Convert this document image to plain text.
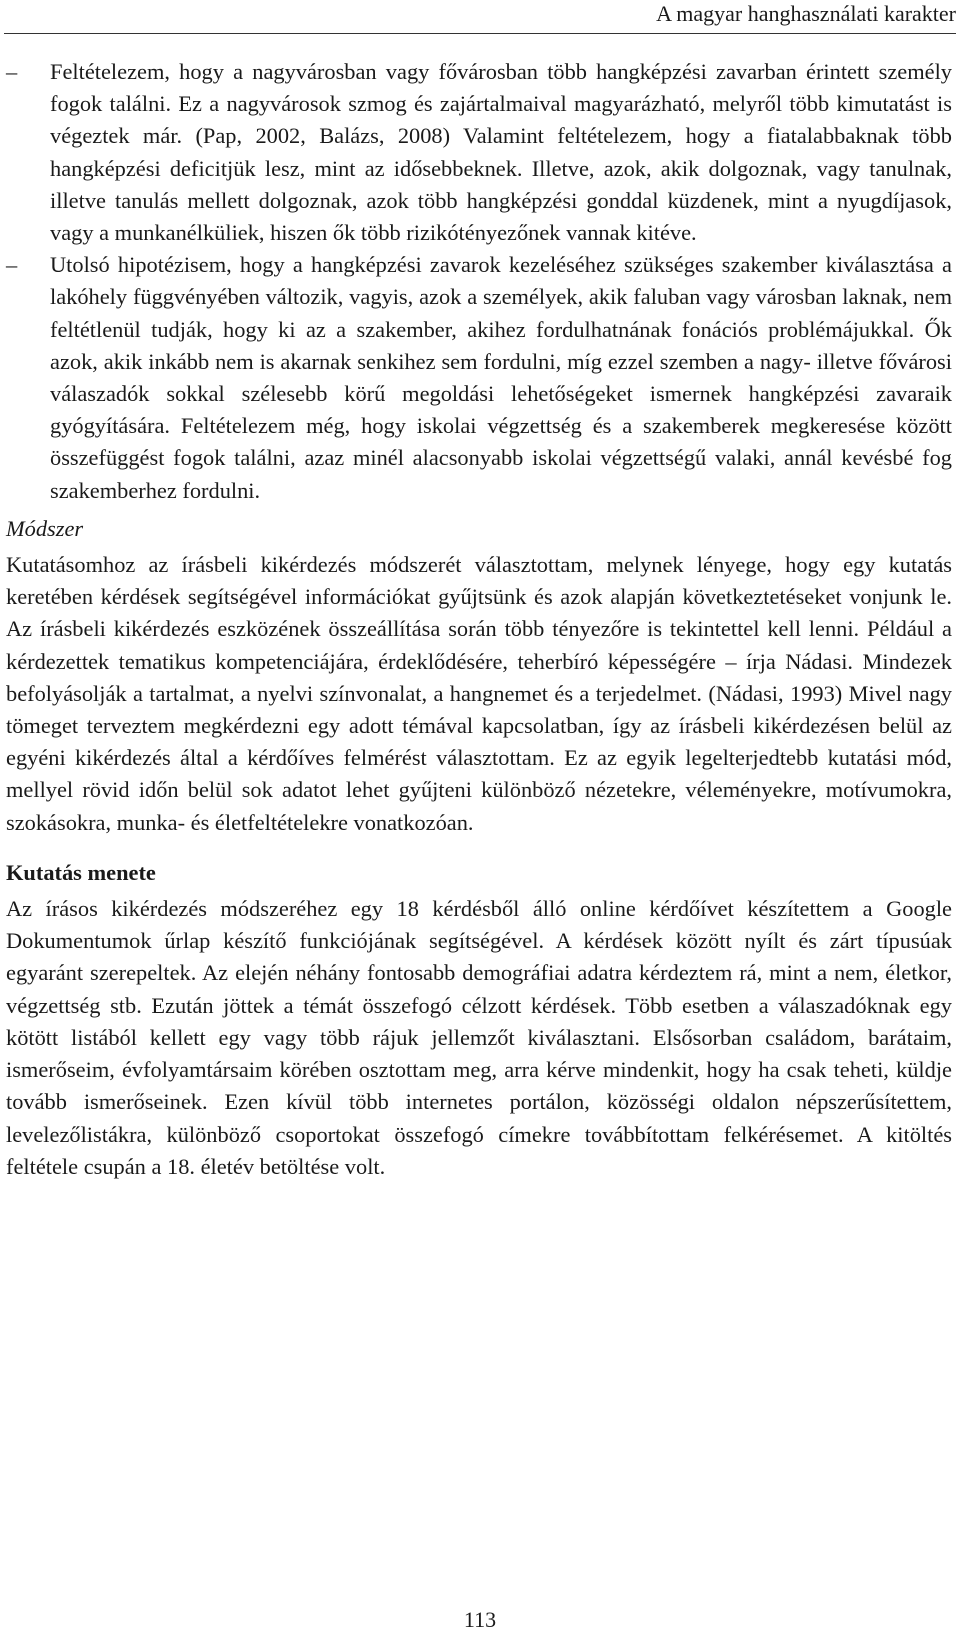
A magyar hanghasználati karakter
–	Feltételezem, hogy a nagyvárosban vagy fővárosban több hangképzési zavarban érintett személy fogok találni. Ez a nagyvárosok szmog és zajártalmaival magyarázható, melyről több kimutatást is végeztek már. (Pap, 2002, Balázs, 2008) Valamint feltételezem, hogy a fiatalabbaknak több hangképzési deficitjük lesz, mint az idősebbeknek. Illetve, azok, akik dolgoznak, vagy tanulnak, illetve tanulás mellett dolgoznak, azok több hangképzési gonddal küzdenek, mint a nyugdíjasok, vagy a munkanélküliek, hiszen ők több rizikótényezőnek vannak kitéve.

–	Utolsó hipotézisem, hogy a hangképzési zavarok kezeléséhez szükséges szakember kiválasztása a lakóhely függvényében változik, vagyis, azok a személyek, akik faluban vagy városban laknak, nem feltétlenül tudják, hogy ki az a szakember, akihez fordulhatnának fonációs problémájukkal. Ők azok, akik inkább nem is akarnak senkihez sem fordulni, míg ezzel szemben a nagy- illetve fővárosi válaszadók sokkal szélesebb körű megoldási lehetőségeket ismernek hangképzési zavaraik gyógyítására. Feltételezem még, hogy iskolai végzettség és a szakemberek megkeresése között összefüggést fogok találni, azaz minél alacsonyabb iskolai végzettségű valaki, annál kevésbé fog szakemberhez fordulni.

Módszer

Kutatásomhoz az írásbeli kikérdezés módszerét választottam, melynek lényege, hogy egy kutatás keretében kérdések segítségével információkat gyűjtsünk és azok alapján következtetéseket vonjunk le. Az írásbeli kikérdezés eszközének összeállítása során több tényezőre is tekintettel kell lenni. Például a kérdezettek tematikus kompetenciájára, érdeklődésére, teherbíró képességére – írja Nádasi. Mindezek befolyásolják a tartalmat, a nyelvi színvonalat, a hangnemet és a terjedelmet. (Nádasi, 1993) Mivel nagy tömeget terveztem megkérdezni egy adott témával kapcsolatban, így az írásbeli kikérdezésen belül az egyéni kikérdezés által a kérdőíves felmérést választottam. Ez az egyik legelterjedtebb kutatási mód, mellyel rövid időn belül sok adatot lehet gyűjteni különböző nézetekre, véleményekre, motívumokra, szokásokra, munka- és életfeltételekre vonatkozóan.

Kutatás menete

Az írásos kikérdezés módszeréhez egy 18 kérdésből álló online kérdőívet készítettem a Google Dokumentumok űrlap készítő funkciójának segítségével. A kérdések között nyílt és zárt típusúak egyaránt szerepeltek. Az elején néhány fontosabb demográfiai adatra kérdeztem rá, mint a nem, életkor, végzettség stb. Ezután jöttek a témát összefogó célzott kérdések. Több esetben a válaszadóknak egy kötött listából kellett egy vagy több rájuk jellemzőt kiválasztani. Elsősorban családom, barátaim, ismerőseim, évfolyamtársaim körében osztottam meg, arra kérve mindenkit, hogy ha csak teheti, küldje tovább ismerőseinek. Ezen kívül több internetes portálon, közösségi oldalon népszerűsítettem, levelezőlistákra, különböző csoportokat összefogó címekre továbbítottam felkérésemet. A kitöltés feltétele csupán a 18. életév betöltése volt.

113
